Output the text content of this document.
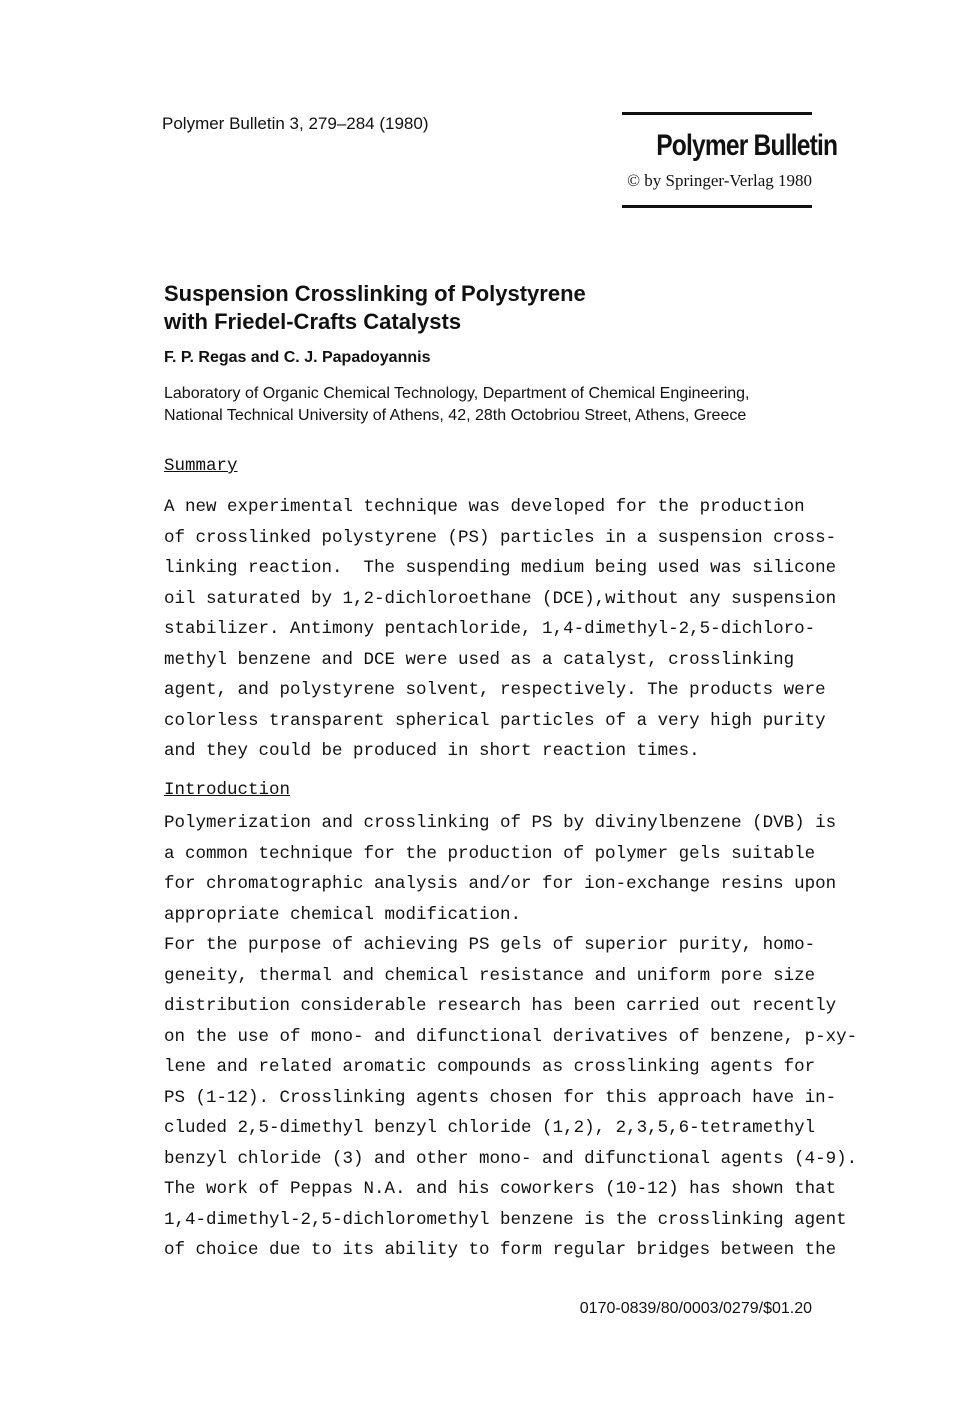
Polymer Bulletin 3, 279–284 (1980)
Polymer Bulletin
© by Springer-Verlag 1980
Suspension Crosslinking of Polystyrene
with Friedel-Crafts Catalysts
F. P. Regas and C. J. Papadoyannis
Laboratory of Organic Chemical Technology, Department of Chemical Engineering,
National Technical University of Athens, 42, 28th Octobriou Street, Athens, Greece
Summary
A new experimental technique was developed for the production
of crosslinked polystyrene (PS) particles in a suspension cross-
linking reaction.  The suspending medium being used was silicone
oil saturated by 1,2-dichloroethane (DCE),without any suspension
stabilizer. Antimony pentachloride, 1,4-dimethyl-2,5-dichloro-
methyl benzene and DCE were used as a catalyst, crosslinking
agent, and polystyrene solvent, respectively. The products were
colorless transparent spherical particles of a very high purity
and they could be produced in short reaction times.
Introduction
Polymerization and crosslinking of PS by divinylbenzene (DVB) is
a common technique for the production of polymer gels suitable
for chromatographic analysis and/or for ion-exchange resins upon
appropriate chemical modification.
For the purpose of achieving PS gels of superior purity, homo-
geneity, thermal and chemical resistance and uniform pore size
distribution considerable research has been carried out recently
on the use of mono- and difunctional derivatives of benzene, p-xy-
lene and related aromatic compounds as crosslinking agents for
PS (1-12). Crosslinking agents chosen for this approach have in-
cluded 2,5-dimethyl benzyl chloride (1,2), 2,3,5,6-tetramethyl
benzyl chloride (3) and other mono- and difunctional agents (4-9).
The work of Peppas N.A. and his coworkers (10-12) has shown that
1,4-dimethyl-2,5-dichloromethyl benzene is the crosslinking agent
of choice due to its ability to form regular bridges between the
0170-0839/80/0003/0279/$01.20
